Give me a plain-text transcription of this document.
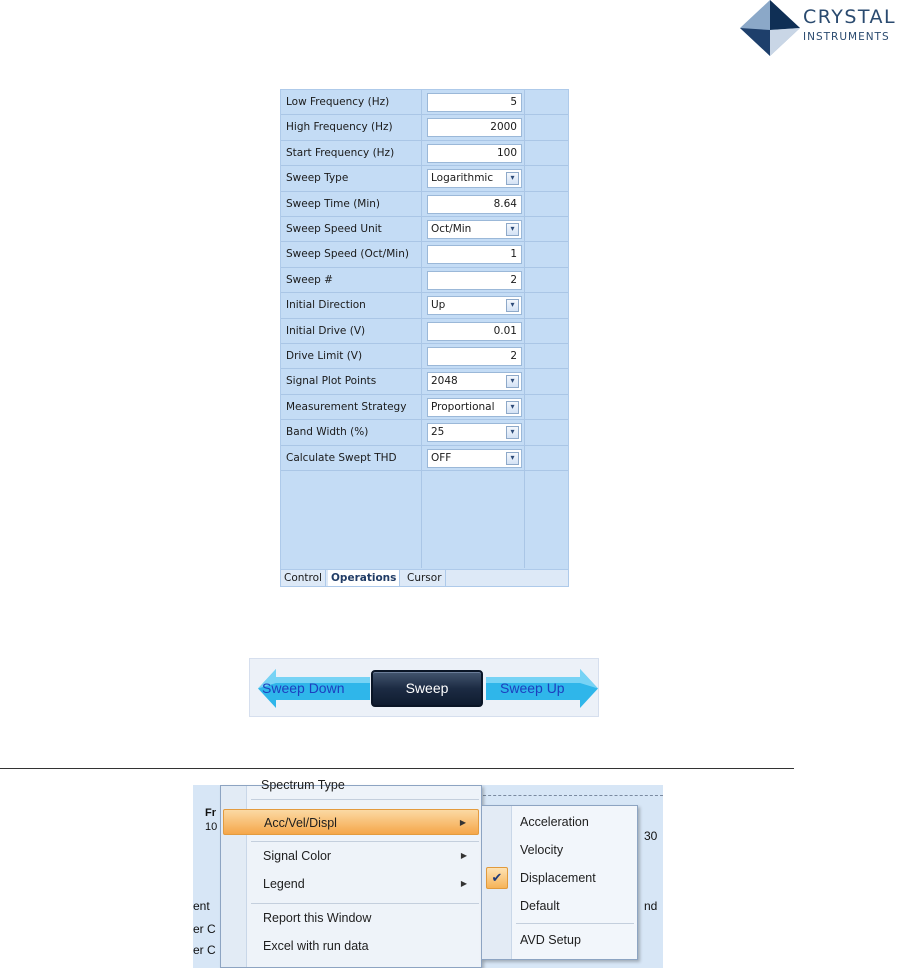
CRYSTAL
INSTRUMENTS
Low Frequency (Hz)	5
High Frequency (Hz)	2000
Start Frequency (Hz)	100
Sweep Type	Logarithmic	▾
Sweep Time (Min)	8.64
Sweep Speed Unit	Oct/Min	▾
Sweep Speed (Oct/Min)	1
Sweep #	2
Initial Direction	Up	▾
Initial Drive (V)	0.01
Drive Limit (V)	2
Signal Plot Points	2048	▾
Measurement Strategy	Proportional	▾
Band Width (%)	25	▾
Calculate Swept THD	OFF	▾
Control Operations	Cursor
Sweep Down	Sweep	Sweep Up
Fr
10
ent
er C
er C
30
nd
Spectrum Type
Acc/Vel/Displ	▶
Signal Color	▶
Legend	▶
Report this Window
Excel with run data
Acceleration
Velocity
✔	Displacement
Default
AVD Setup
